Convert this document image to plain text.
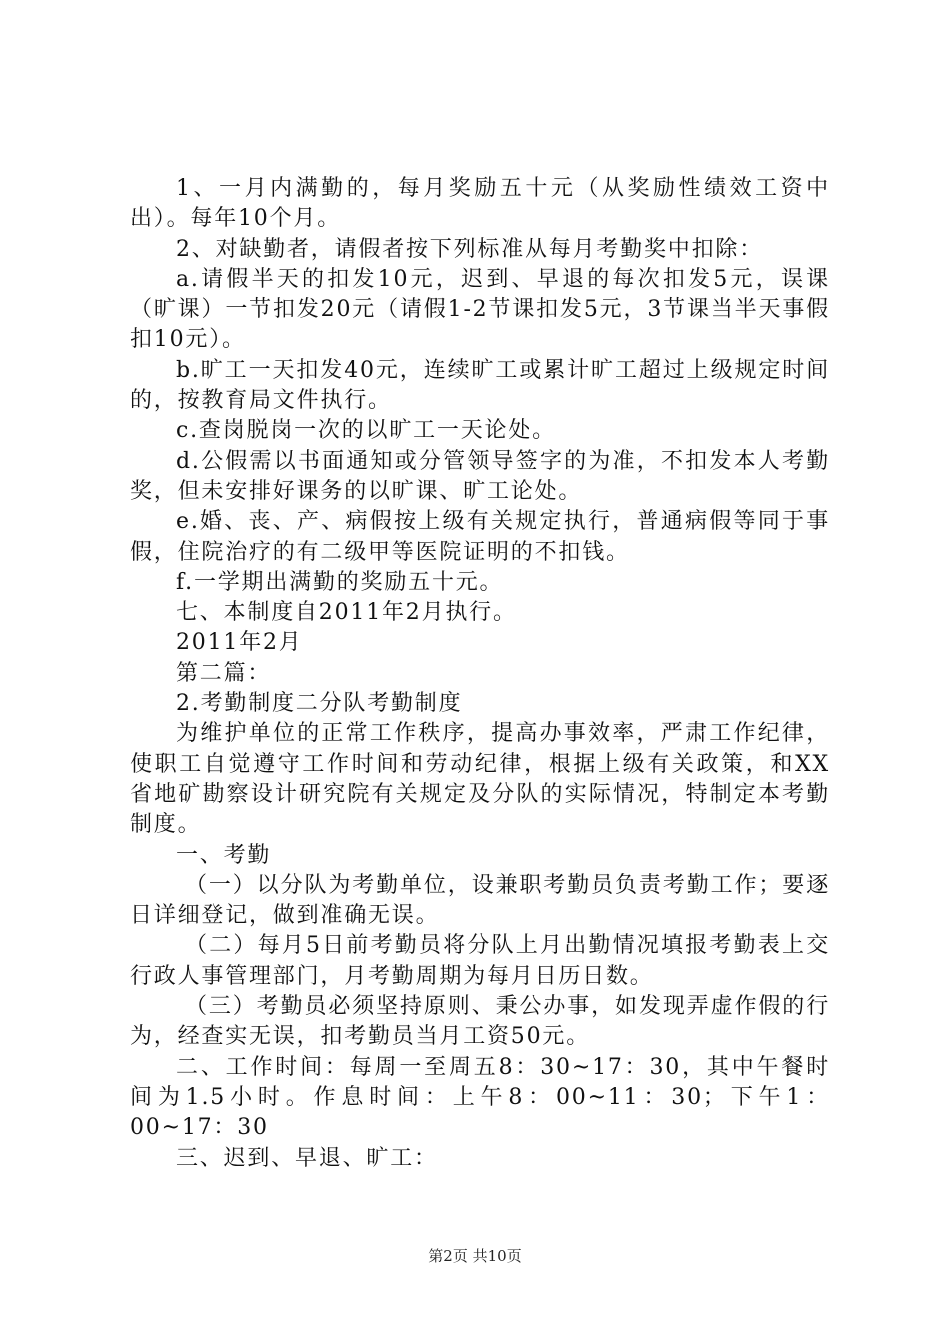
1、一月内满勤的，每月奖励五十元（从奖励性绩效工资中出）。每年10个月。

2、对缺勤者，请假者按下列标准从每月考勤奖中扣除：

a.请假半天的扣发10元，迟到、早退的每次扣发5元，误课（旷课）一节扣发20元（请假1-2节课扣发5元，3节课当半天事假扣10元）。

b.旷工一天扣发40元，连续旷工或累计旷工超过上级规定时间的，按教育局文件执行。

c.查岗脱岗一次的以旷工一天论处。

d.公假需以书面通知或分管领导签字的为准，不扣发本人考勤奖，但未安排好课务的以旷课、旷工论处。

e.婚、丧、产、病假按上级有关规定执行，普通病假等同于事假，住院治疗的有二级甲等医院证明的不扣钱。

f.一学期出满勤的奖励五十元。

七、本制度自2011年2月执行。

2011年2月

第二篇：

2.考勤制度二分队考勤制度

为维护单位的正常工作秩序，提高办事效率，严肃工作纪律，使职工自觉遵守工作时间和劳动纪律，根据上级有关政策，和XX省地矿勘察设计研究院有关规定及分队的实际情况，特制定本考勤制度。

一、考勤

（一）以分队为考勤单位，设兼职考勤员负责考勤工作；要逐日详细登记，做到准确无误。

（二）每月5日前考勤员将分队上月出勤情况填报考勤表上交行政人事管理部门，月考勤周期为每月日历日数。

（三）考勤员必须坚持原则、秉公办事，如发现弄虚作假的行为，经查实无误，扣考勤员当月工资50元。

二、工作时间：每周一至周五8：30~17：30，其中午餐时间为1.5小时。作息时间：上午8：00~11：30；下午1：00~17：30

三、迟到、早退、旷工：

第2页 共10页
